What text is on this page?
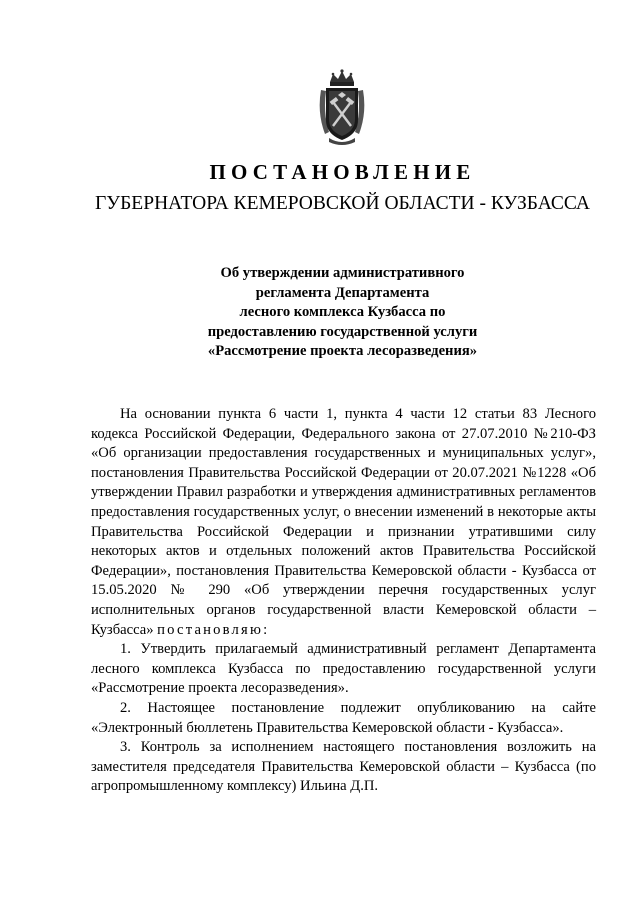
ПОСТАНОВЛЕНИЕ
ГУБЕРНАТОРА КЕМЕРОВСКОЙ ОБЛАСТИ - КУЗБАССА
Об утверждении административного
регламента Департамента
лесного комплекса Кузбасса по
предоставлению государственной услуги
«Рассмотрение проекта лесоразведения»

На основании пункта 6 части 1, пункта 4 части 12 статьи 83 Лесного кодекса Российской Федерации, Федерального закона от 27.07.2010 №210-ФЗ «Об организации предоставления государственных и муниципальных услуг», постановления Правительства Российской Федерации от 20.07.2021 №1228 «Об утверждении Правил разработки и утверждения административных регламентов предоставления государственных услуг, о внесении изменений в некоторые акты Правительства Российской Федерации и признании утратившими силу некоторых актов и отдельных положений актов Правительства Российской Федерации», постановления Правительства Кемеровской области - Кузбасса от 15.05.2020 № 290 «Об утверждении перечня государственных услуг исполнительных органов государственной власти Кемеровской области – Кузбасса» постановляю:

1. Утвердить прилагаемый административный регламент Департамента лесного комплекса Кузбасса по предоставлению государственной услуги «Рассмотрение проекта лесоразведения».

2. Настоящее постановление подлежит опубликованию на сайте «Электронный бюллетень Правительства Кемеровской области - Кузбасса».

3. Контроль за исполнением настоящего постановления возложить на заместителя председателя Правительства Кемеровской области – Кузбасса (по агропромышленному комплексу) Ильина Д.П.
